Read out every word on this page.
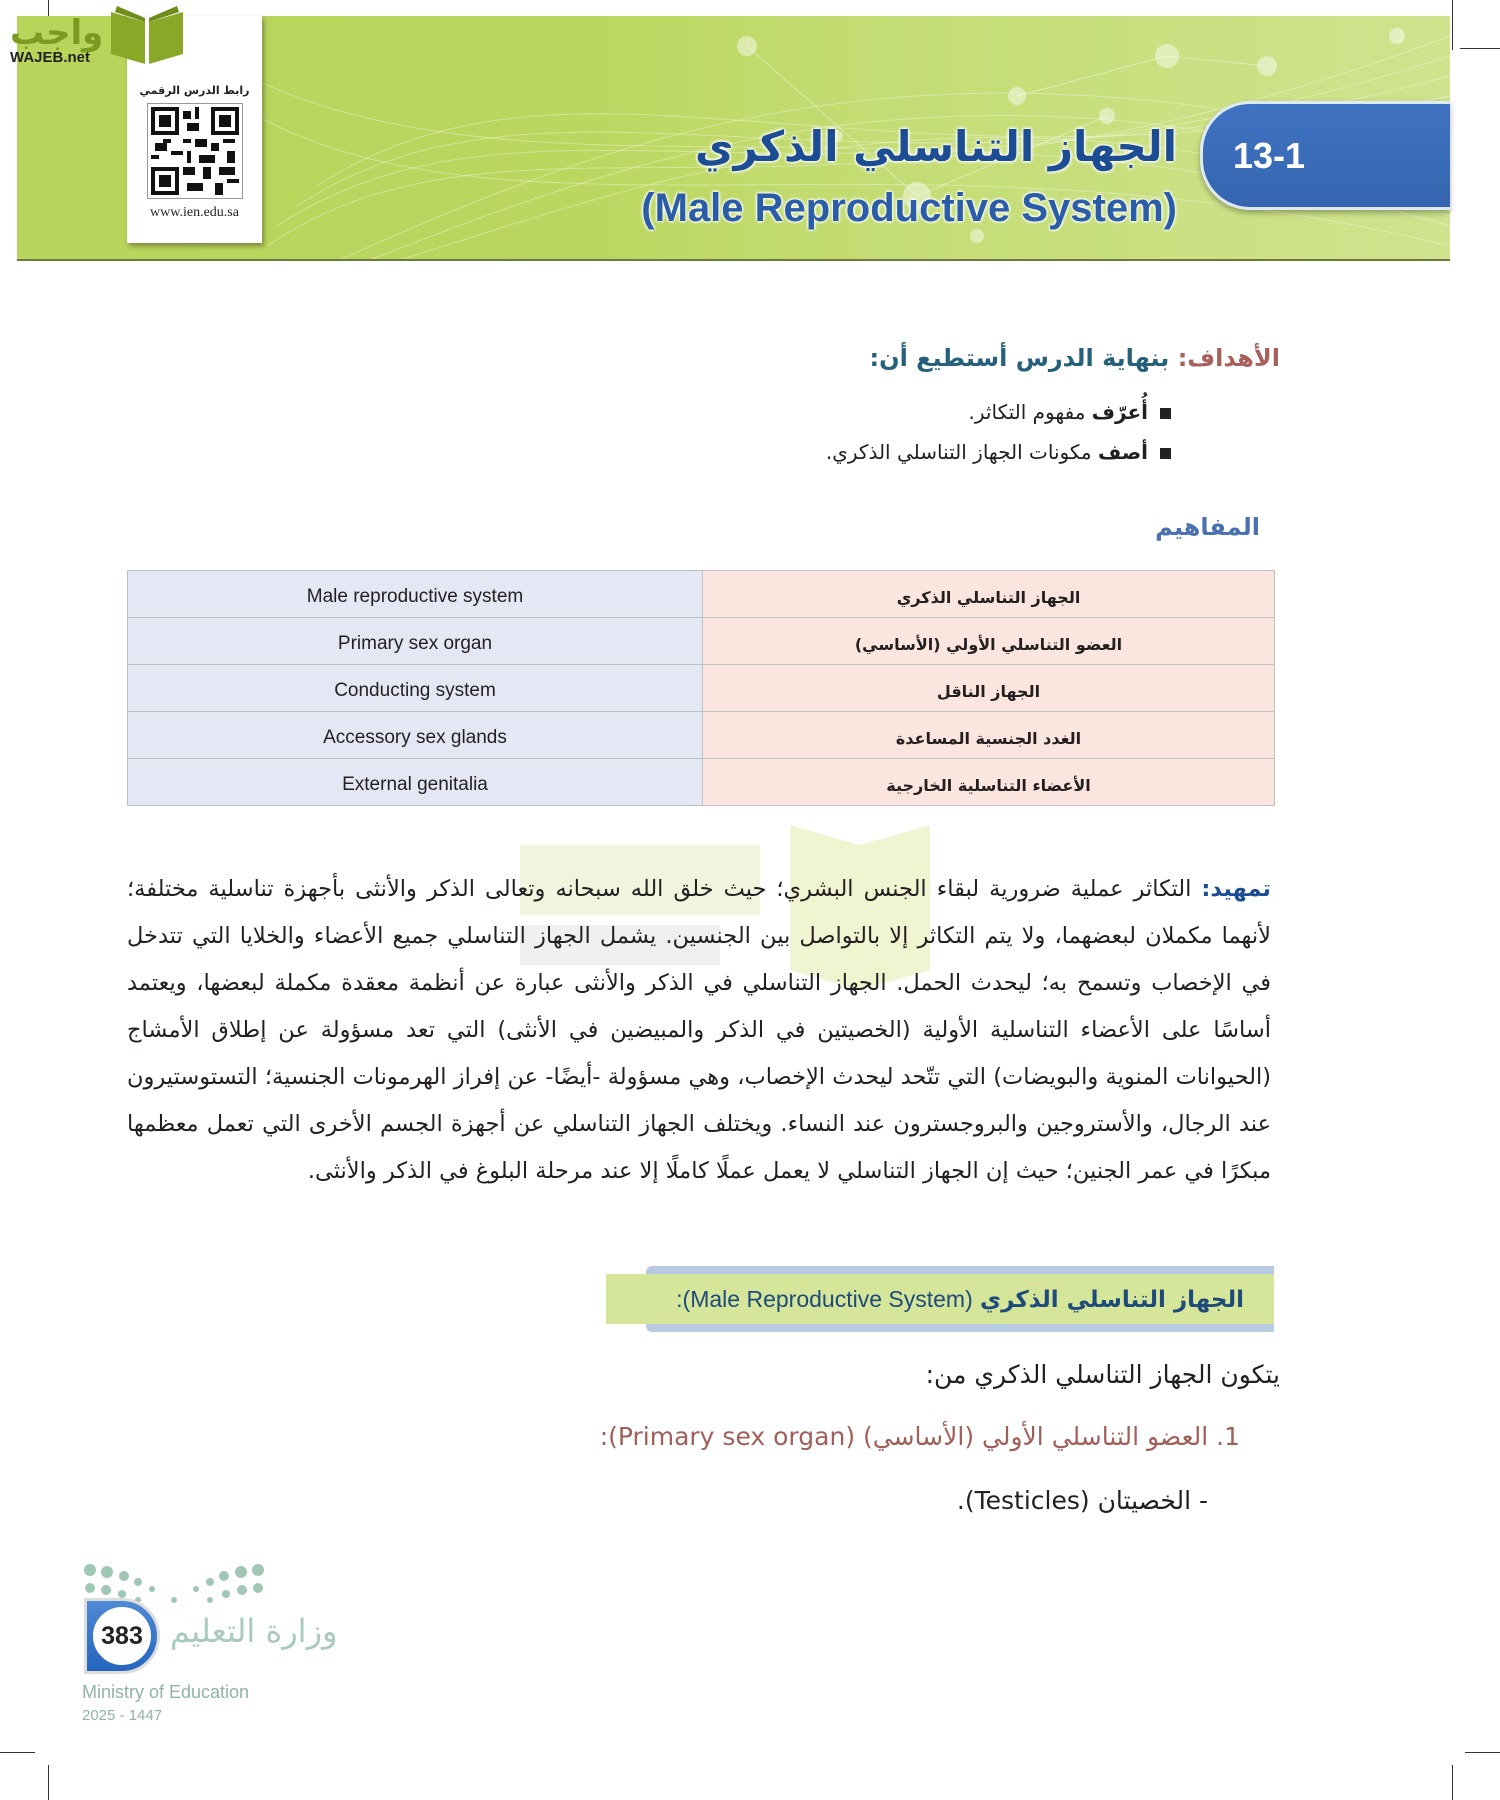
واجب
WAJEB.net
رابط الدرس الرقمي
www.ien.edu.sa
13-1
الجهاز التناسلي الذكري
(Male Reproductive System)
الأهداف: بنهاية الدرس أستطيع أن:
أُعرّف مفهوم التكاثر.
أصف مكونات الجهاز التناسلي الذكري.
المفاهيم
Male reproductive system	الجهاز التناسلي الذكري
Primary sex organ	العضو التناسلي الأولي (الأساسي)
Conducting system	الجهاز الناقل
Accessory sex glands	الغدد الجنسية المساعدة
External genitalia	الأعضاء التناسلية الخارجية

تمهيد: التكاثر عملية ضرورية لبقاء الجنس البشري؛ حيث خلق الله سبحانه وتعالى الذكر والأنثى بأجهزة تناسلية مختلفة؛ لأنهما مكملان لبعضهما، ولا يتم التكاثر إلا بالتواصل بين الجنسين. يشمل الجهاز التناسلي جميع الأعضاء والخلايا التي تتدخل في الإخصاب وتسمح به؛ ليحدث الحمل. الجهاز التناسلي في الذكر والأنثى عبارة عن أنظمة معقدة مكملة لبعضها، ويعتمد أساسًا على الأعضاء التناسلية الأولية (الخصيتين في الذكر والمبيضين في الأنثى) التي تعد مسؤولة عن إطلاق الأمشاج (الحيوانات المنوية والبويضات) التي تتّحد ليحدث الإخصاب، وهي مسؤولة -أيضًا- عن إفراز الهرمونات الجنسية؛ التستوستيرون عند الرجال، والأستروجين والبروجسترون عند النساء. ويختلف الجهاز التناسلي عن أجهزة الجسم الأخرى التي تعمل معظمها مبكرًا في عمر الجنين؛ حيث إن الجهاز التناسلي لا يعمل عملًا كاملًا إلا عند مرحلة البلوغ في الذكر والأنثى.

الجهاز التناسلي الذكري (Male Reproductive System):
يتكون الجهاز التناسلي الذكري من:
1. العضو التناسلي الأولي (الأساسي) (Primary sex organ):
- الخصيتان (Testicles).
383 وزارة التعليم
Ministry of Education
2025 - 1447
